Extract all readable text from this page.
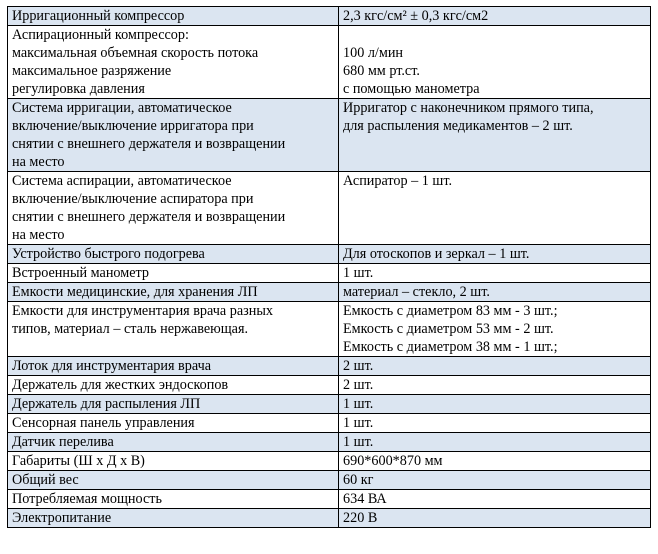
Ирригационный компрессор	2,3 кгс/см² ± 0,3 кгс/см2

Аспирационный компрессор:
максимальная объемная скорость потока
максимальное разряжение
регулировка давления	100 л/мин
680 мм рт.ст.
с помощью манометра

Система ирригации, автоматическое
включение/выключение ирригатора при
снятии с внешнего держателя и возвращении
на место	Ирригатор с наконечником прямого типа,
для распыления медикаментов – 2 шт.

Система аспирации, автоматическое
включение/выключение аспиратора при
снятии с внешнего держателя и возвращении
на место	Аспиратор – 1 шт.

Устройство быстрого подогрева	Для отоскопов и зеркал – 1 шт.

Встроенный манометр	1 шт.

Емкости медицинские, для хранения ЛП	материал – стекло, 2 шт.

Емкости для инструментария врача разных
типов, материал – сталь нержавеющая.	Емкость с диаметром 83 мм - 3 шт.;
Емкость с диаметром 53 мм - 2 шт.
Емкость с диаметром 38 мм - 1 шт.;

Лоток для инструментария врача	2 шт.

Держатель для жестких эндоскопов	2 шт.

Держатель для распыления ЛП	1 шт.

Сенсорная панель управления	1 шт.

Датчик перелива	1 шт.

Габариты (Ш х Д х В)	690*600*870 мм

Общий вес	60 кг

Потребляемая мощность	634 ВА

Электропитание	220 В
